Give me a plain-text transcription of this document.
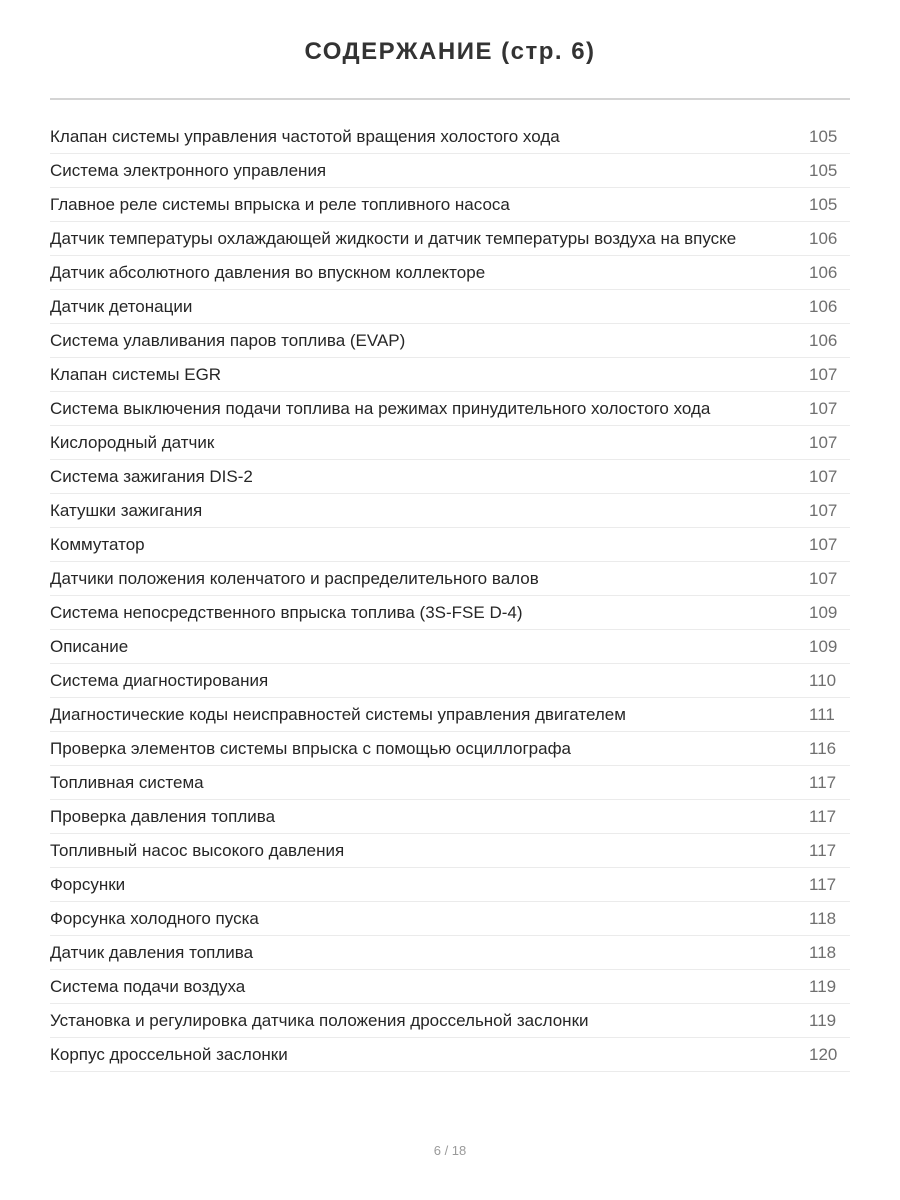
СОДЕРЖАНИЕ (стр. 6)
Клапан системы управления частотой вращения холостого хода	105
Система электронного управления	105
Главное реле системы впрыска и реле топливного насоса	105
Датчик температуры охлаждающей жидкости и датчик температуры воздуха на впуске	106
Датчик абсолютного давления во впускном коллекторе	106
Датчик детонации	106
Система улавливания паров топлива (EVAP)	106
Клапан системы EGR	107
Система выключения подачи топлива на режимах принудительного холостого хода	107
Кислородный датчик	107
Система зажигания DIS-2	107
Катушки зажигания	107
Коммутатор	107
Датчики положения коленчатого и распределительного валов	107
Система непосредственного впрыска топлива (3S-FSE D-4)	109
Описание	109
Система диагностирования	110
Диагностические коды неисправностей системы управления двигателем	111
Проверка элементов системы впрыска с помощью осциллографа	116
Топливная система	117
Проверка давления топлива	117
Топливный насос высокого давления	117
Форсунки	117
Форсунка холодного пуска	118
Датчик давления топлива	118
Система подачи воздуха	119
Установка и регулировка датчика положения дроссельной заслонки	119
Корпус дроссельной заслонки	120
6 / 18
